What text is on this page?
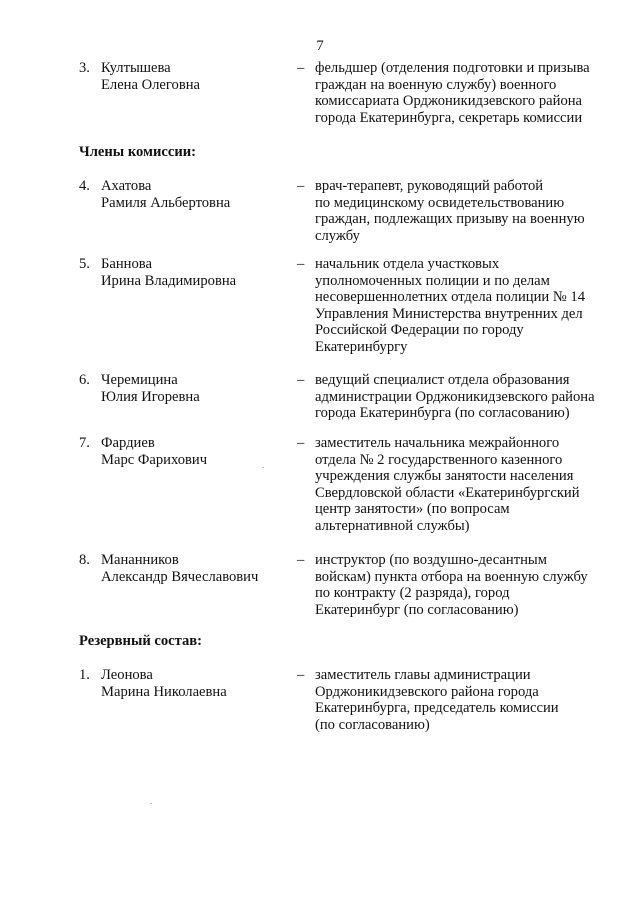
7
3. Култышева
Елена Олеговна
– фельдшер (отделения подготовки и призыва
граждан на военную службу) военного
комиссариата Орджоникидзевского района
города Екатеринбурга, секретарь комиссии
Члены комиссии:
4. Ахатова
Рамиля Альбертовна
– врач-терапевт, руководящий работой
по медицинскому освидетельствованию
граждан, подлежащих призыву на военную
службу
5. Баннова
Ирина Владимировна
– начальник отдела участковых
уполномоченных полиции и по делам
несовершеннолетних отдела полиции № 14
Управления Министерства внутренних дел
Российской Федерации по городу
Екатеринбургу
6. Черемицина
Юлия Игоревна
– ведущий специалист отдела образования
администрации Орджоникидзевского района
города Екатеринбурга (по согласованию)
7. Фардиев
Марс Фарихович
– заместитель начальника межрайонного
отдела № 2 государственного казенного
учреждения службы занятости населения
Свердловской области «Екатеринбургский
центр занятости» (по вопросам
альтернативной службы)
8. Мананников
Александр Вячеславович
– инструктор (по воздушно-десантным
войскам) пункта отбора на военную службу
по контракту (2 разряда), город
Екатеринбург (по согласованию)
Резервный состав:
1. Леонова
Марина Николаевна
– заместитель главы администрации
Орджоникидзевского района города
Екатеринбурга, председатель комиссии
(по согласованию)
